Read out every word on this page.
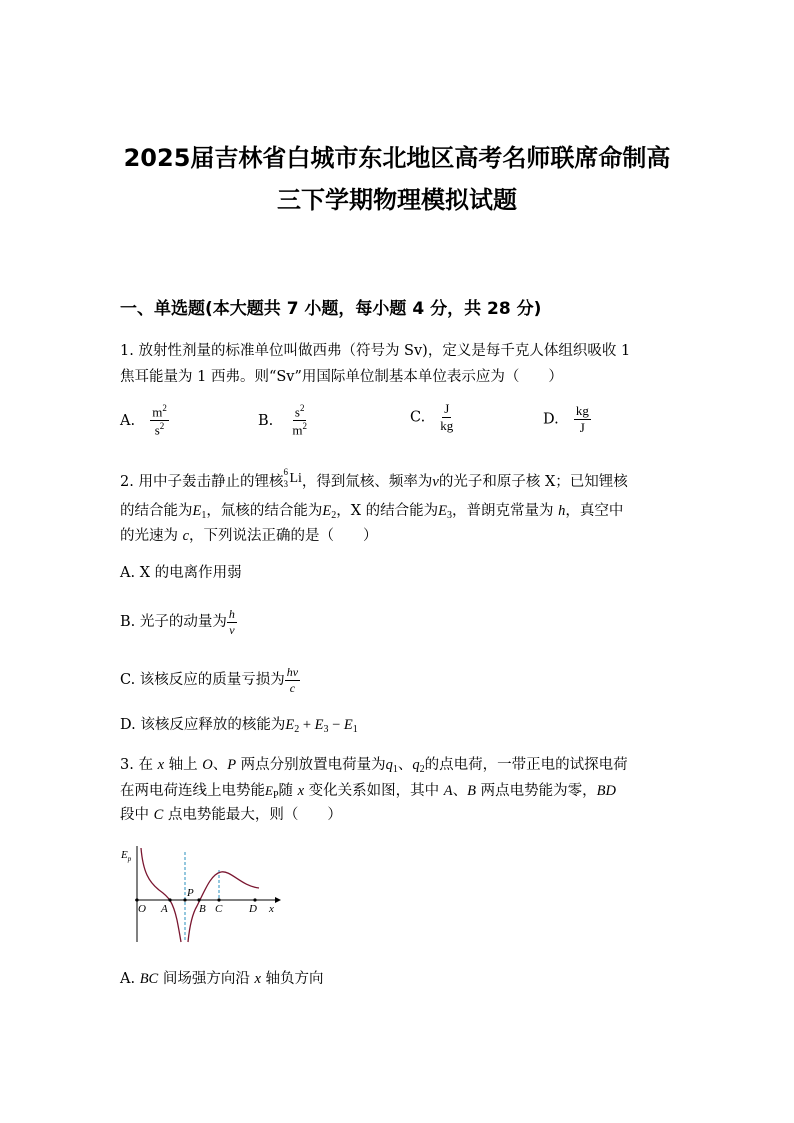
2025届吉林省白城市东北地区高考名师联席命制高
三下学期物理模拟试题
一、单选题(本大题共 7 小题，每小题 4 分，共 28 分)
1. 放射性剂量的标准单位叫做西弗（符号为 Sv)，定义是每千克人体组织吸收 1
焦耳能量为 1 西弗。则“Sv”用国际单位制基本单位表示应为（　　）
A. $\frac{m^2}{s^2}$	B. $\frac{s^2}{m^2}$	C. $\frac{J}{kg}$	D. $\frac{kg}{J}$
2. 用中子轰击静止的锂核
6
3 Li，得到氚核、频率为ν的光子和原子核 X；已知锂核
的结合能为$E_1$，氚核的结合能为$E_2$，X 的结合能为$E_3$，普朗克常量为 h，真空中
的光速为 c，下列说法正确的是（　　）
A. X 的电离作用弱
B. 光子的动量为 $\frac{h}{\nu}$
C. 该核反应的质量亏损为 $\frac{h\nu}{c}$
D. 该核反应释放的核能为$E_2 + E_3 - E_1$
3. 在 x 轴上 O、P 两点分别放置电荷量为$q_1$、$q_2$的点电荷，一带正电的试探电荷
在两电荷连线上电势能$E_P$随 x 变化关系如图，其中 A、B 两点电势能为零，BD
段中 C 点电势能最大，则（　　）
$E_p$
O A
P
B C D x
A. BC 间场强方向沿 x 轴负方向
